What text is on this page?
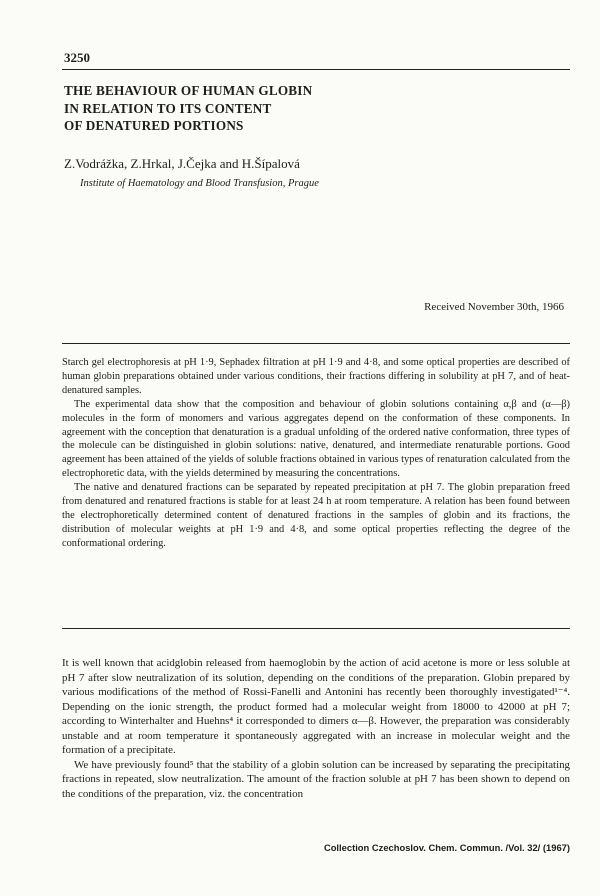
3250
THE BEHAVIOUR OF HUMAN GLOBIN
IN RELATION TO ITS CONTENT
OF DENATURED PORTIONS
Z.Vodrážka, Z.Hrkal, J.Čejka and H.Šípalová
Institute of Haematology and Blood Transfusion, Prague
Received November 30th, 1966

Starch gel electrophoresis at pH 1·9, Sephadex filtration at pH 1·9 and 4·8, and some optical properties are described of human globin preparations obtained under various conditions, their fractions differing in solubility at pH 7, and of heat-denatured samples.

The experimental data show that the composition and behaviour of globin solutions containing α,β and (α—β) molecules in the form of monomers and various aggregates depend on the conformation of these components. In agreement with the conception that denaturation is a gradual unfolding of the ordered native conformation, three types of the molecule can be distinguished in globin solutions: native, denatured, and intermediate renaturable portions. Good agreement has been attained of the yields of soluble fractions obtained in various types of renaturation calculated from the electrophoretic data, with the yields determined by measuring the concentrations.

The native and denatured fractions can be separated by repeated precipitation at pH 7. The globin preparation freed from denatured and renatured fractions is stable for at least 24 h at room temperature. A relation has been found between the electrophoretically determined content of denatured fractions in the samples of globin and its fractions, the distribution of molecular weights at pH 1·9 and 4·8, and some optical properties reflecting the degree of the conformational ordering.

It is well known that acidglobin released from haemoglobin by the action of acid acetone is more or less soluble at pH 7 after slow neutralization of its solution, depending on the conditions of the preparation. Globin prepared by various modifications of the method of Rossi-Fanelli and Antonini has recently been thoroughly investigated¹⁻⁴. Depending on the ionic strength, the product formed had a molecular weight from 18000 to 42000 at pH 7; according to Winterhalter and Huehns⁴ it corresponded to dimers α—β. However, the preparation was considerably unstable and at room temperature it spontaneously aggregated with an increase in molecular weight and the formation of a precipitate.

We have previously found⁵ that the stability of a globin solution can be increased by separating the precipitating fractions in repeated, slow neutralization. The amount of the fraction soluble at pH 7 has been shown to depend on the conditions of the preparation, viz. the concentration

Collection Czechoslov. Chem. Commun. /Vol. 32/ (1967)
